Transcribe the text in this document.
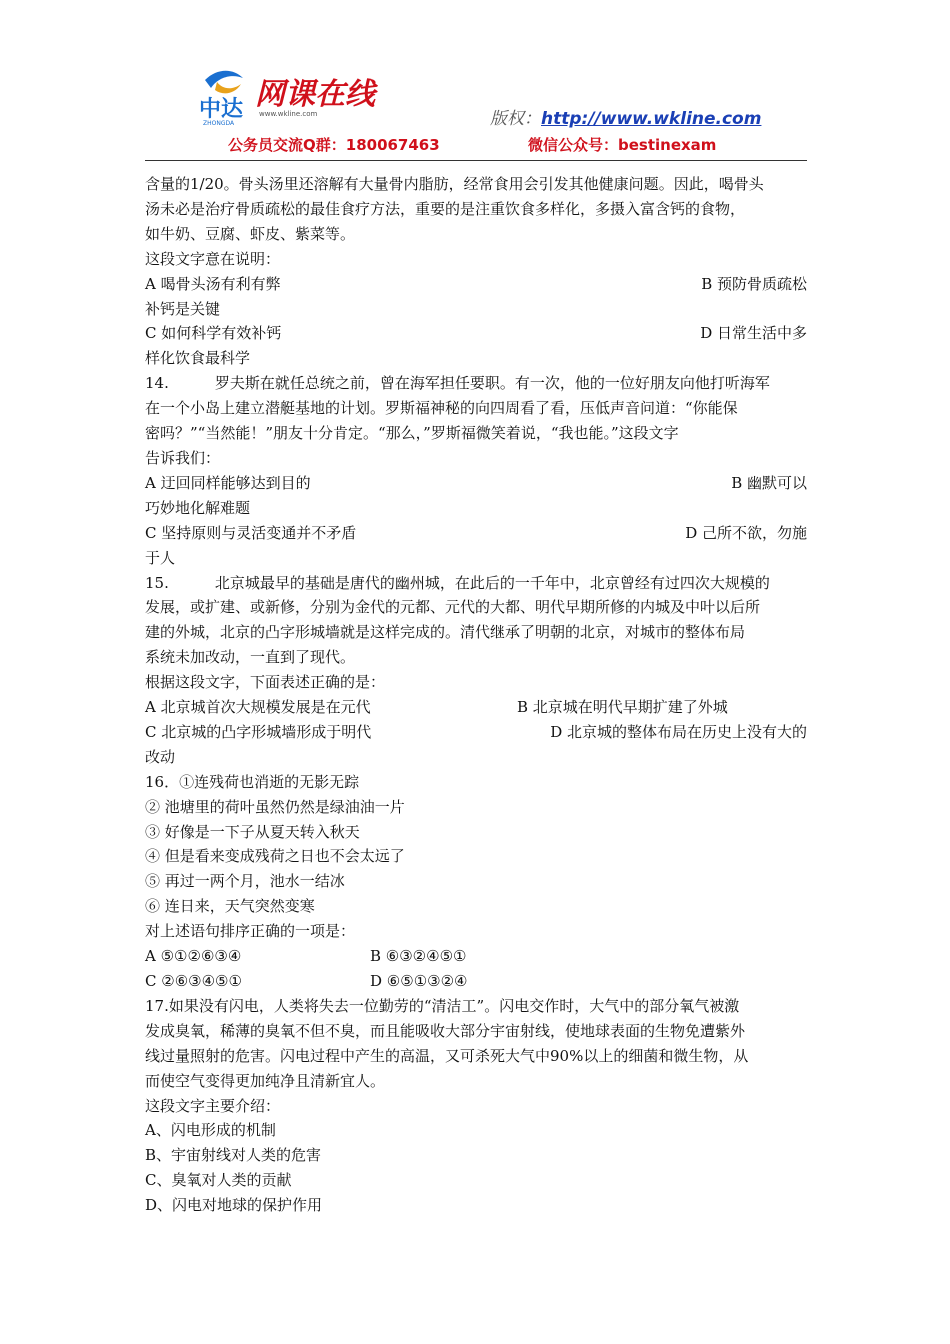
中达
ZHONGDA
网课在线
www.wkline.com	版权：http://www.wkline.com
公务员交流Q群：180067463	微信公众号：bestinexam

含量的1/20。骨头汤里还溶解有大量骨内脂肪，经常食用会引发其他健康问题。因此，喝骨头

汤未必是治疗骨质疏松的最佳食疗方法，重要的是注重饮食多样化，多摄入富含钙的食物，

如牛奶、豆腐、虾皮、紫菜等。

这段文字意在说明：

A 喝骨头汤有利有弊	B 预防骨质疏松

补钙是关键

C 如何科学有效补钙	D 日常生活中多

样化饮食最科学

14.	罗夫斯在就任总统之前，曾在海军担任要职。有一次，他的一位好朋友向他打听海军

在一个小岛上建立潜艇基地的计划。罗斯福神秘的向四周看了看，压低声音问道：“你能保

密吗？”“当然能！”朋友十分肯定。“那么，”罗斯福微笑着说，“我也能。”这段文字

告诉我们：

A 迂回同样能够达到目的	B 幽默可以

巧妙地化解难题

C 坚持原则与灵活变通并不矛盾	D 己所不欲，勿施

于人

15.	北京城最早的基础是唐代的幽州城，在此后的一千年中，北京曾经有过四次大规模的

发展，或扩建、或新修，分别为金代的元都、元代的大都、明代早期所修的内城及中叶以后所

建的外城，北京的凸字形城墙就是这样完成的。清代继承了明朝的北京，对城市的整体布局

系统未加改动，一直到了现代。

根据这段文字，下面表述正确的是：

A 北京城首次大规模发展是在元代	B 北京城在明代早期扩建了外城
C 北京城的凸字形城墙形成于明代	D 北京城的整体布局在历史上没有大的

改动

16．①连残荷也消逝的无影无踪

② 池塘里的荷叶虽然仍然是绿油油一片

③ 好像是一下子从夏天转入秋天

④ 但是看来变成残荷之日也不会太远了

⑤ 再过一两个月，池水一结冰

⑥ 连日来，天气突然变寒

对上述语句排序正确的一项是：

A ⑤①②⑥③④	B ⑥③②④⑤①
C ②⑥③④⑤①	D ⑥⑤①③②④

17.如果没有闪电，人类将失去一位勤劳的“清洁工”。闪电交作时，大气中的部分氧气被激

发成臭氧，稀薄的臭氧不但不臭，而且能吸收大部分宇宙射线，使地球表面的生物免遭紫外

线过量照射的危害。闪电过程中产生的高温，又可杀死大气中90%以上的细菌和微生物，从

而使空气变得更加纯净且清新宜人。

这段文字主要介绍：

A、闪电形成的机制

B、宇宙射线对人类的危害

C、臭氧对人类的贡献

D、闪电对地球的保护作用
